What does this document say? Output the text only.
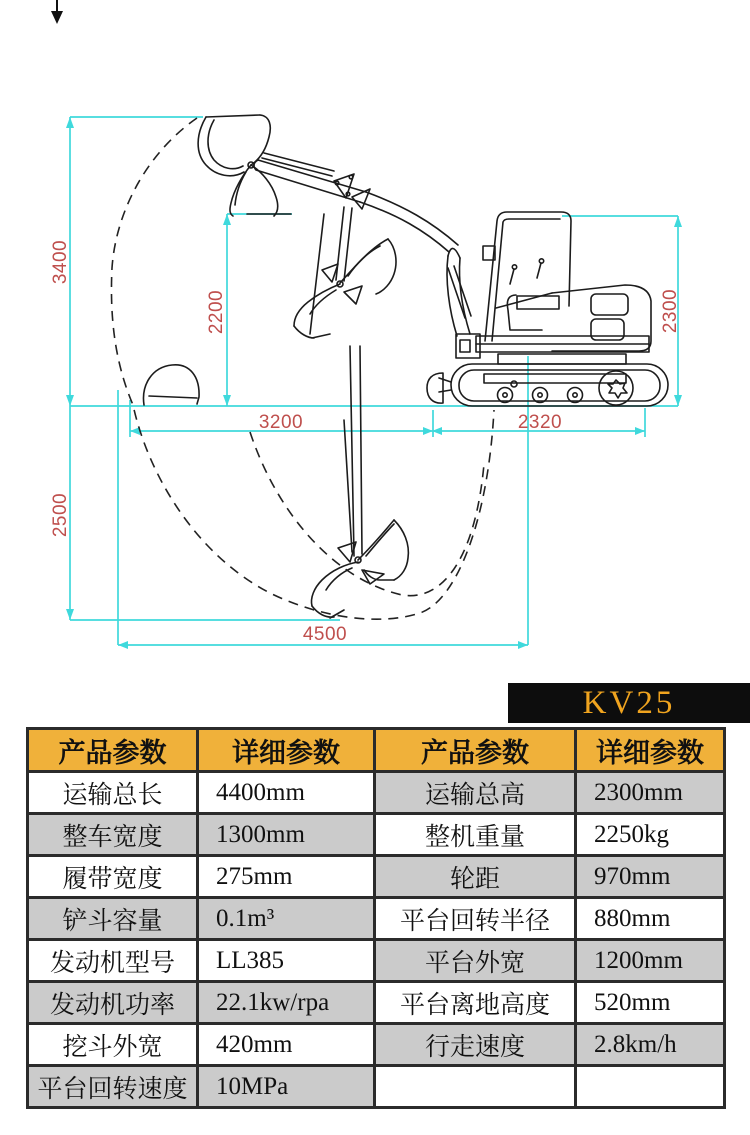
3400
2200	2300
2500
3200	2320
4500
KV25
产品参数	详细参数	产品参数	详细参数
运输总长	4400mm	运输总高	2300mm
整车宽度	1300mm	整机重量	2250kg
履带宽度	275mm	轮距	970mm
铲斗容量	0.1m³	平台回转半径	880mm
发动机型号	LL385	平台外宽	1200mm
发动机功率	22.1kw/rpa	平台离地高度	520mm
挖斗外宽	420mm	行走速度	2.8km/h
平台回转速度	10MPa		
